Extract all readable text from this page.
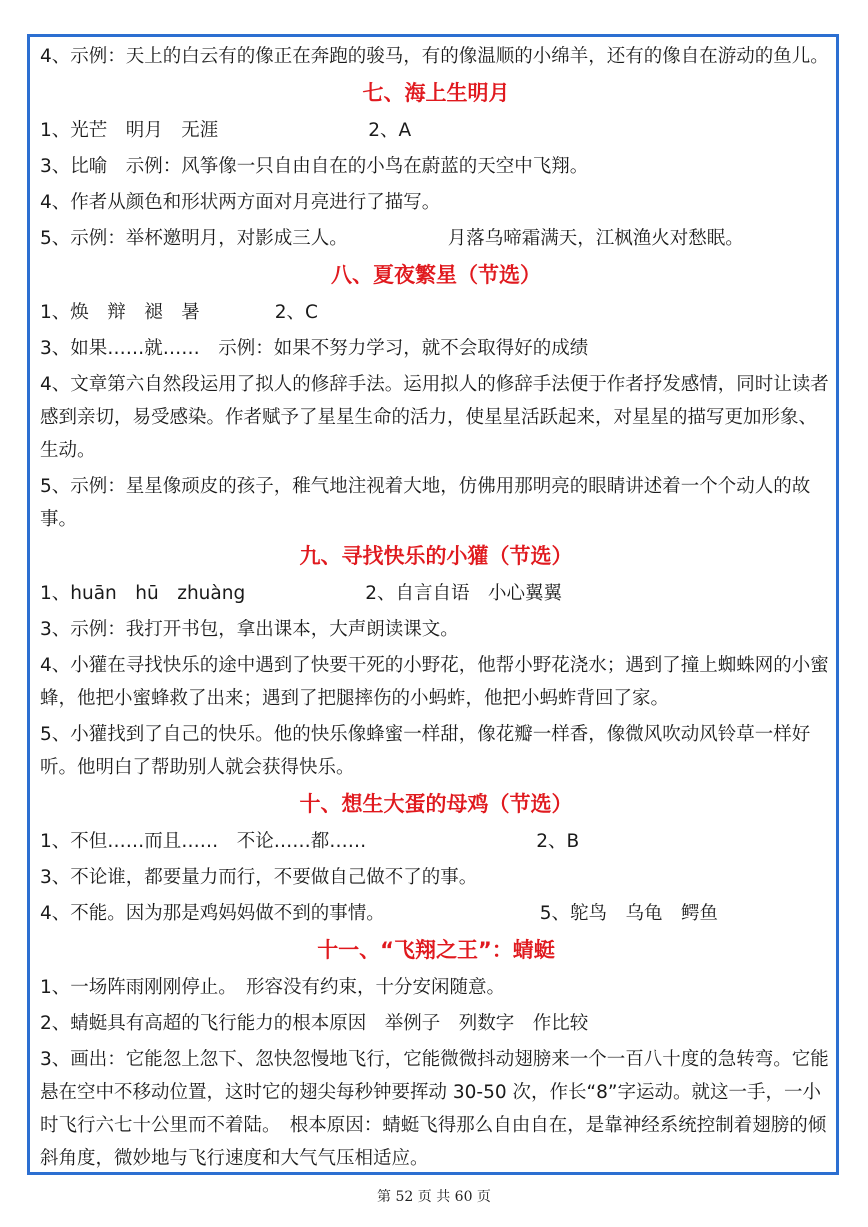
4、示例：天上的白云有的像正在奔跑的骏马，有的像温顺的小绵羊，还有的像自在游动的鱼儿。

七、海上生明月

1、光芒　明月　无涯	2、A

3、比喻　示例：风筝像一只自由自在的小鸟在蔚蓝的天空中飞翔。

4、作者从颜色和形状两方面对月亮进行了描写。

5、示例：举杯邀明月，对影成三人。	月落乌啼霜满天，江枫渔火对愁眠。

八、夏夜繁星（节选）

1、焕　辩　褪　暑	2、C

3、如果……就……　示例：如果不努力学习，就不会取得好的成绩

4、文章第六自然段运用了拟人的修辞手法。运用拟人的修辞手法便于作者抒发感情，同时让读者感到亲切，易受感染。作者赋予了星星生命的活力，使星星活跃起来，对星星的描写更加形象、生动。

5、示例：星星像顽皮的孩子，稚气地注视着大地，仿佛用那明亮的眼睛讲述着一个个动人的故事。

九、寻找快乐的小獾（节选）

1、huān　hū　zhuàng	2、自言自语　小心翼翼

3、示例：我打开书包，拿出课本，大声朗读课文。

4、小獾在寻找快乐的途中遇到了快要干死的小野花，他帮小野花浇水；遇到了撞上蜘蛛网的小蜜蜂，他把小蜜蜂救了出来；遇到了把腿摔伤的小蚂蚱，他把小蚂蚱背回了家。

5、小獾找到了自己的快乐。他的快乐像蜂蜜一样甜，像花瓣一样香，像微风吹动风铃草一样好听。他明白了帮助别人就会获得快乐。

十、想生大蛋的母鸡（节选）

1、不但……而且……　不论……都……	2、B

3、不论谁，都要量力而行，不要做自己做不了的事。

4、不能。因为那是鸡妈妈做不到的事情。	5、鸵鸟　乌龟　鳄鱼

十一、“飞翔之王”：蜻蜓

1、一场阵雨刚刚停止。　形容没有约束，十分安闲随意。

2、蜻蜓具有高超的飞行能力的根本原因　举例子　列数字　作比较

3、画出：它能忽上忽下、忽快忽慢地飞行，它能微微抖动翅膀来一个一百八十度的急转弯。它能悬在空中不移动位置，这时它的翅尖每秒钟要挥动 30-50 次，作长“8”字运动。就这一手，一小时飞行六七十公里而不着陆。　根本原因：蜻蜓飞得那么自由自在，是靠神经系统控制着翅膀的倾斜角度，微妙地与飞行速度和大气气压相适应。

第 52 页 共 60 页
